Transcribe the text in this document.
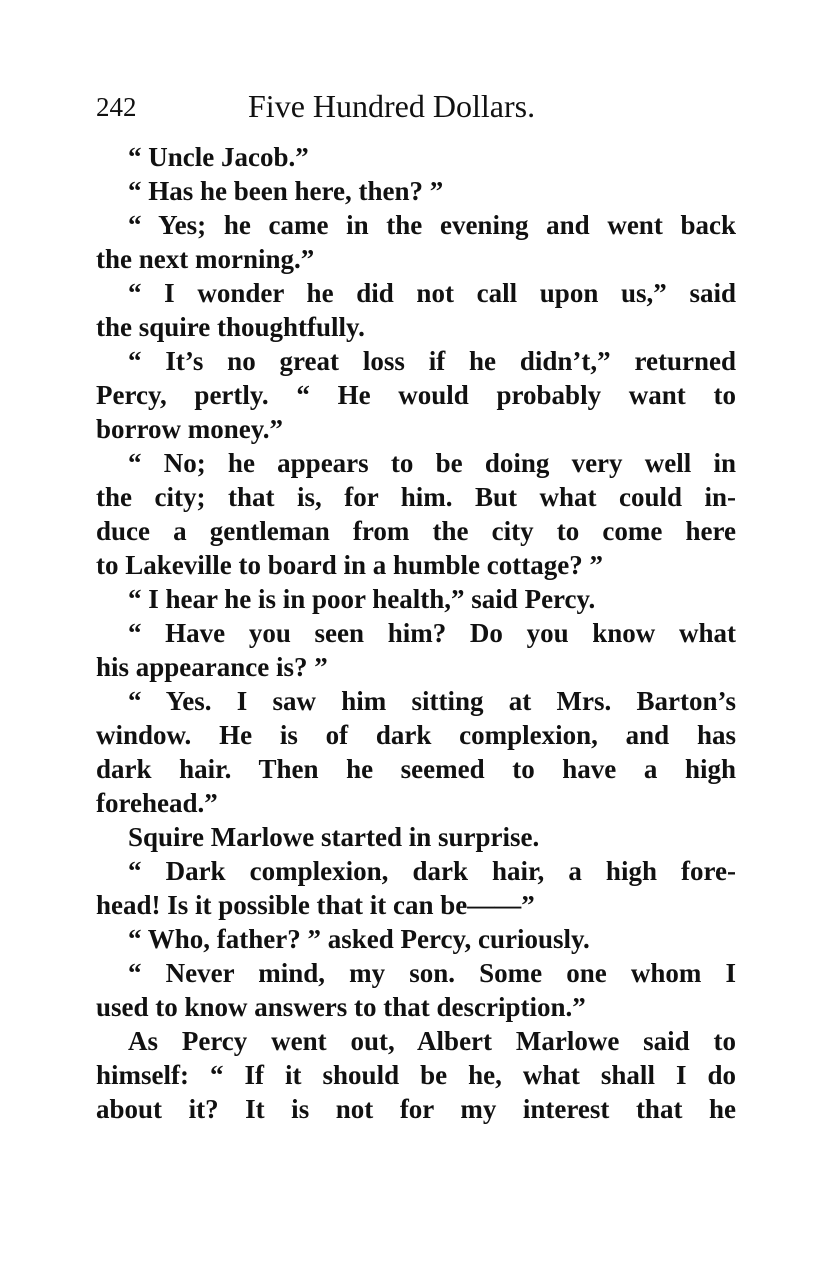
242	Five Hundred Dollars.
“ Uncle Jacob.”
“ Has he been here, then? ”
“ Yes; he came in the evening and went back
the next morning.”
“ I wonder he did not call upon us,” said
the squire thoughtfully.
“ It’s no great loss if he didn’t,” returned
Percy, pertly. “ He would probably want to
borrow money.”
“ No; he appears to be doing very well in
the city; that is, for him. But what could in-
duce a gentleman from the city to come here
to Lakeville to board in a humble cottage? ”
“ I hear he is in poor health,” said Percy.
“ Have you seen him? Do you know what
his appearance is? ”
“ Yes. I saw him sitting at Mrs. Barton’s
window. He is of dark complexion, and has
dark hair. Then he seemed to have a high
forehead.”
Squire Marlowe started in surprise.
“ Dark complexion, dark hair, a high fore-
head! Is it possible that it can be——”
“ Who, father? ” asked Percy, curiously.
“ Never mind, my son. Some one whom I
used to know answers to that description.”
As Percy went out, Albert Marlowe said to
himself: “ If it should be he, what shall I do
about it? It is not for my interest that he
